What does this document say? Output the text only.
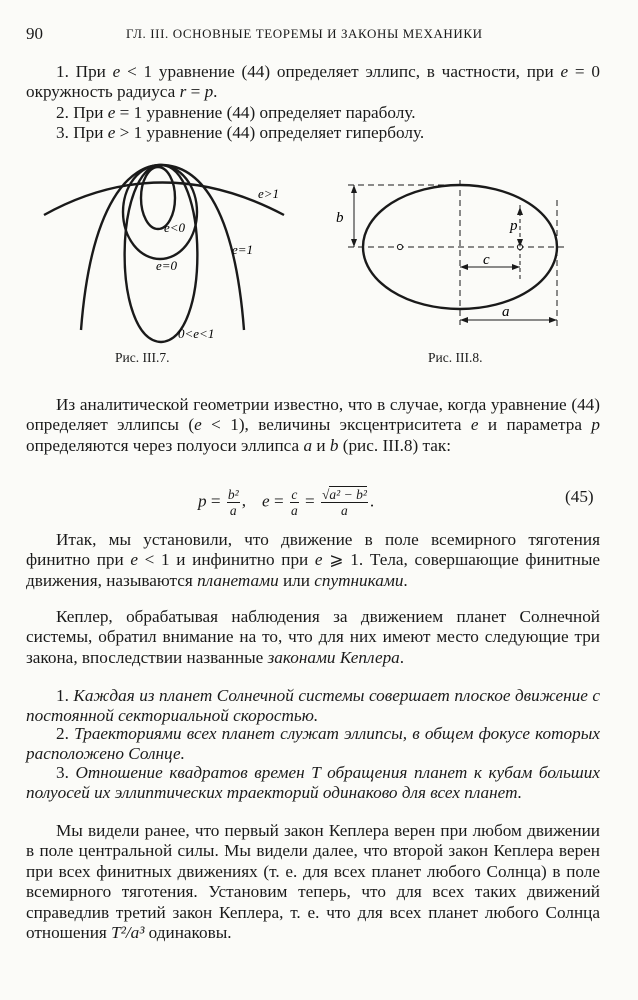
90	ГЛ. III. ОСНОВНЫЕ ТЕОРЕМЫ И ЗАКОНЫ МЕХАНИКИ
1. При e < 1 уравнение (44) определяет эллипс, в частности, при e = 0 окружность радиуса r = p.
2. При e = 1 уравнение (44) определяет параболу.
3. При e > 1 уравнение (44) определяет гиперболу.
e>1
e<0
e=0
e=1
0<e<1
Рис. III.7.
b	p
c
a
Рис. III.8.
Из аналитической геометрии известно, что в случае, когда уравнение (44) определяет эллипсы (e < 1), величины эксцентриситета e и параметра p определяются через полуоси эллипса a и b (рис. III.8) так:
$p = \frac{\text{b²}}{a}$ , $e = \frac{c}{a} = \frac{\text{√a² − b²}}{a}$ .	(45)
Итак, мы установили, что движение в поле всемирного тяготения финитно при e < 1 и инфинитно при e ⩾ 1. Тела, совершающие финитные движения, называются планетами или спутниками.
Кеплер, обрабатывая наблюдения за движением планет Солнечной системы, обратил внимание на то, что для них имеют место следующие три закона, впоследствии названные законами Кеплера.
1. Каждая из планет Солнечной системы совершает плоское движение с постоянной секториальной скоростью.
2. Траекториями всех планет служат эллипсы, в общем фокусе которых расположено Солнце.
3. Отношение квадратов времен T обращения планет к кубам больших полуосей их эллиптических траекторий одинаково для всех планет.
Мы видели ранее, что первый закон Кеплера верен при любом движении в поле центральной силы. Мы видели далее, что второй закон Кеплера верен при всех финитных движениях (т. е. для всех планет любого Солнца) в поле всемирного тяготения. Установим теперь, что для всех таких движений справедлив третий закон Кеплера, т. е. что для всех планет любого Солнца отношения T²/a³ одинаковы.
